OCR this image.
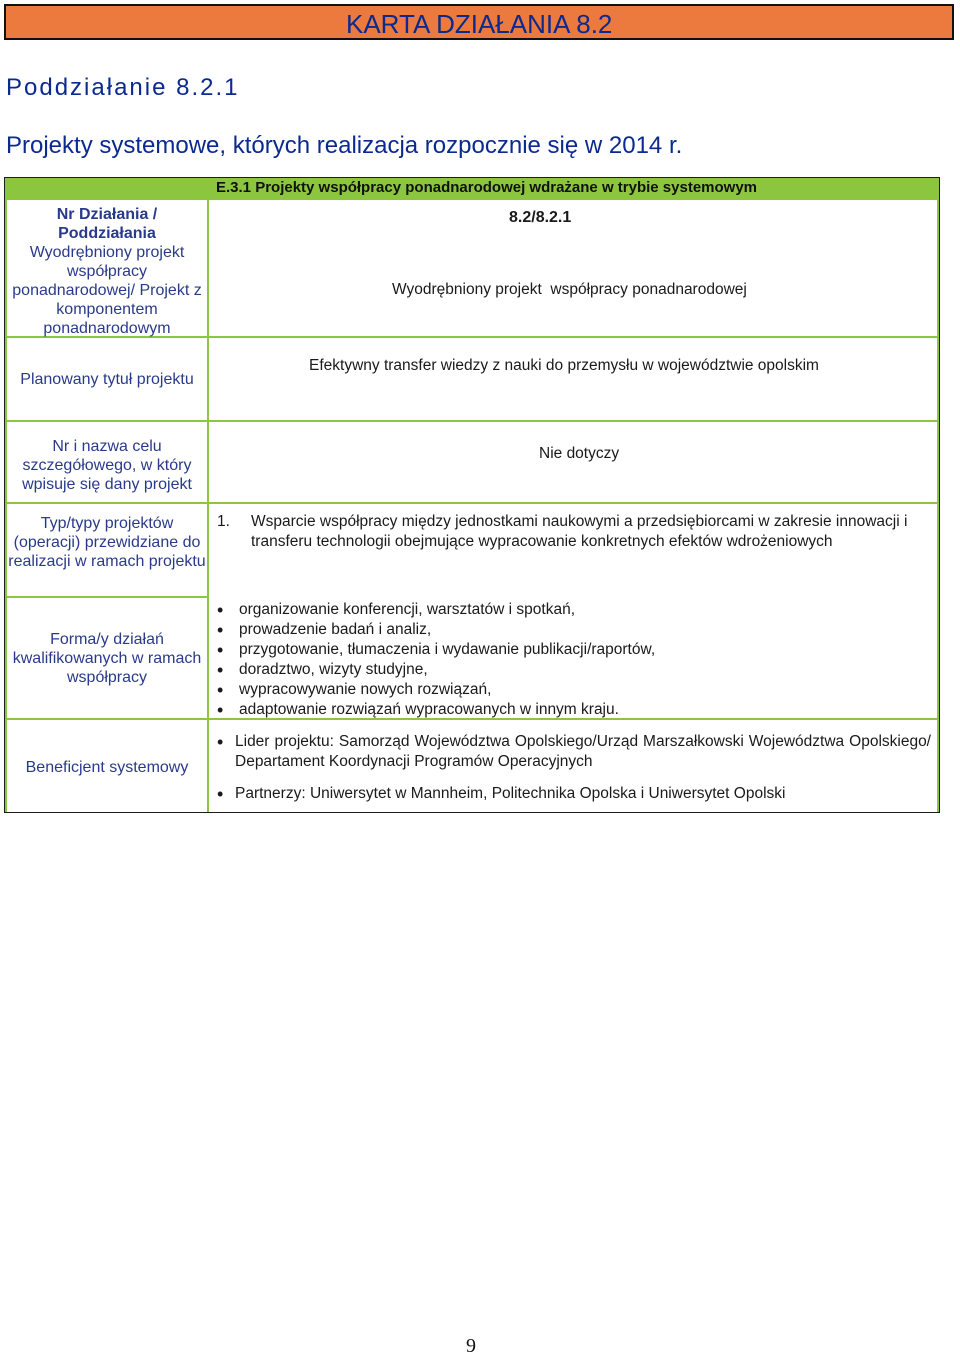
KARTA DZIAŁANIA 8.2
Poddziałanie 8.2.1
Projekty systemowe, których realizacja rozpocznie się w 2014 r.
E.3.1 Projekty współpracy ponadnarodowej wdrażane w trybie systemowym
Nr Działania / Poddziałania
Wyodrębniony projekt współpracy ponadnarodowej/ Projekt z komponentem ponadnarodowym
8.2/8.2.1
Wyodrębniony projekt  współpracy ponadnarodowej
Planowany tytuł projektu
Efektywny transfer wiedzy z nauki do przemysłu w województwie opolskim
Nr i nazwa celu szczegółowego, w który wpisuje się dany projekt
Nie dotyczy
Typ/typy projektów (operacji) przewidziane do realizacji w ramach projektu
Forma/y działań kwalifikowanych w ramach współpracy
1. Wsparcie współpracy między jednostkami naukowymi a przedsiębiorcami w zakresie innowacji i transferu technologii obejmujące wypracowanie konkretnych efektów wdrożeniowych
• organizowanie konferencji, warsztatów i spotkań,
• prowadzenie badań i analiz,
• przygotowanie, tłumaczenia i wydawanie publikacji/raportów,
• doradztwo, wizyty studyjne,
• wypracowywanie nowych rozwiązań,
• adaptowanie rozwiązań wypracowanych w innym kraju.
Beneficjent systemowy
• Lider projektu: Samorząd Województwa Opolskiego/Urząd Marszałkowski Województwa Opolskiego/ Departament Koordynacji Programów Operacyjnych
• Partnerzy: Uniwersytet w Mannheim, Politechnika Opolska i Uniwersytet Opolski
9
